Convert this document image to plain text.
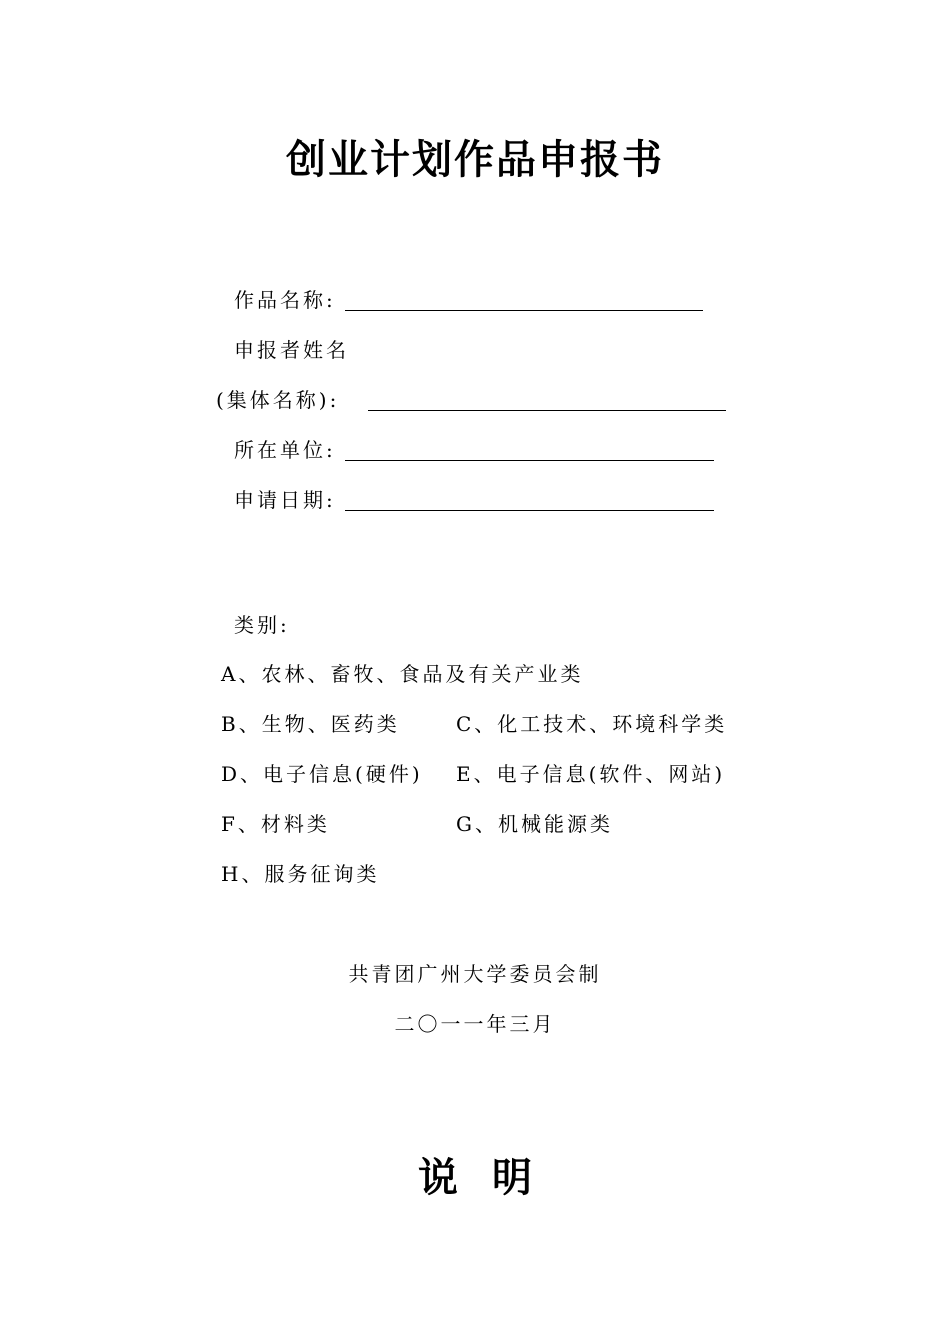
创业计划作品申报书
作品名称:
申报者姓名
(集体名称):
所在单位:
申请日期:
类别:
A、农林、畜牧、食品及有关产业类
B、生物、医药类	C、化工技术、环境科学类
D、电子信息(硬件) E、电子信息(软件、网站)
F、材料类	G、机械能源类
H、服务征询类
共青团广州大学委员会制
二〇一一年三月
说 明
